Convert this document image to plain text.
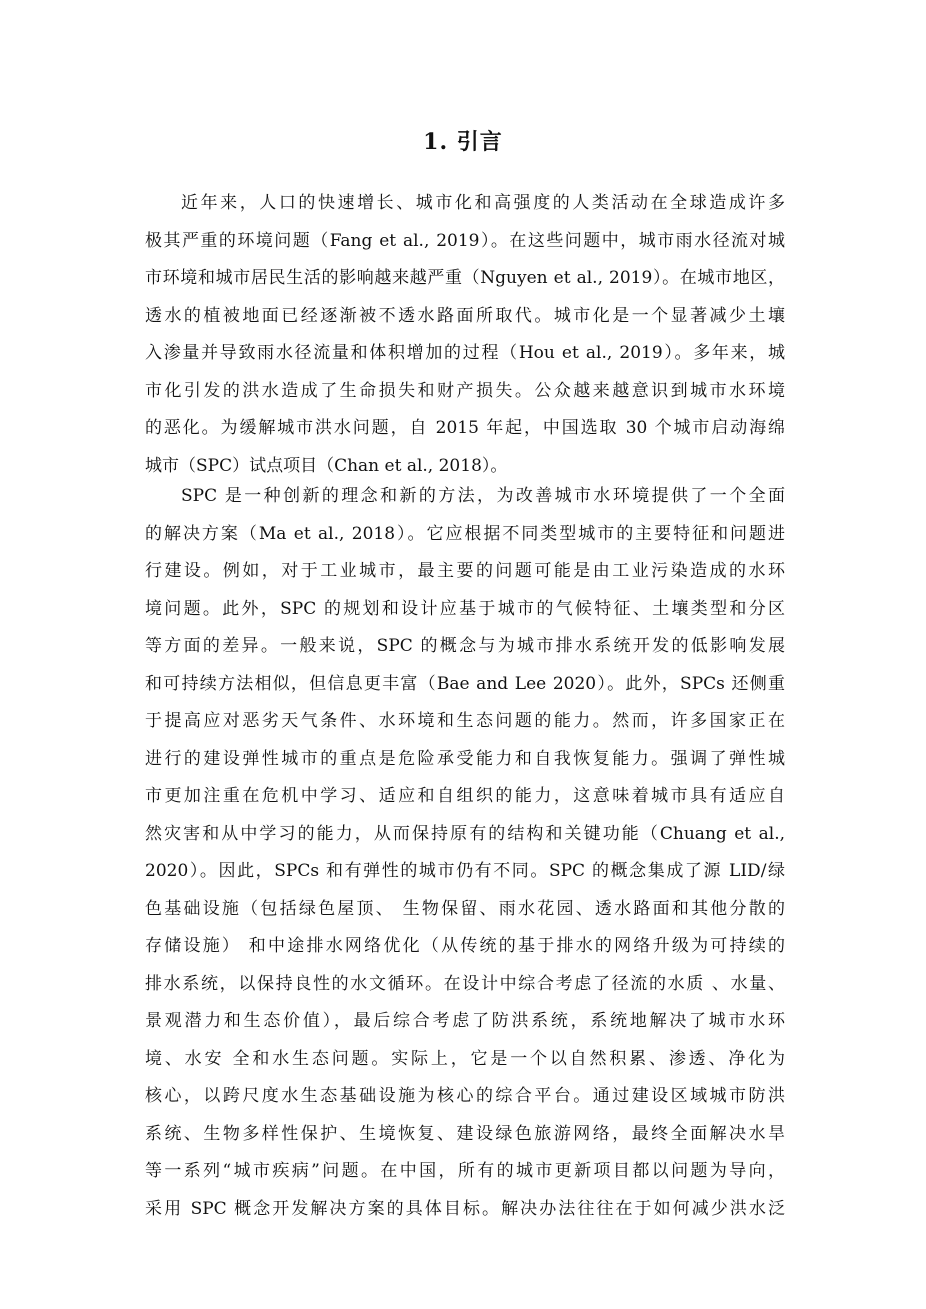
1. 引言
近年来，人口的快速增长、城市化和高强度的人类活动在全球造成许多
极其严重的环境问题（Fang et al., 2019）。在这些问题中，城市雨水径流对城
市环境和城市居民生活的影响越来越严重（Nguyen et al., 2019）。在城市地区，
透水的植被地面已经逐渐被不透水路面所取代。城市化是一个显著减少土壤
入渗量并导致雨水径流量和体积增加的过程（Hou et al., 2019）。多年来，城
市化引发的洪水造成了生命损失和财产损失。公众越来越意识到城市水环境
的恶化。为缓解城市洪水问题，自 2015 年起，中国选取 30 个城市启动海绵
城市（SPC）试点项目（Chan et al., 2018）。
SPC 是一种创新的理念和新的方法，为改善城市水环境提供了一个全面
的解决方案（Ma et al., 2018）。它应根据不同类型城市的主要特征和问题进
行建设。例如，对于工业城市，最主要的问题可能是由工业污染造成的水环
境问题。此外，SPC 的规划和设计应基于城市的气候特征、土壤类型和分区
等方面的差异。一般来说，SPC 的概念与为城市排水系统开发的低影响发展
和可持续方法相似，但信息更丰富（Bae and Lee 2020）。此外，SPCs 还侧重
于提高应对恶劣天气条件、水环境和生态问题的能力。然而，许多国家正在
进行的建设弹性城市的重点是危险承受能力和自我恢复能力。强调了弹性城
市更加注重在危机中学习、适应和自组织的能力，这意味着城市具有适应自
然灾害和从中学习的能力，从而保持原有的结构和关键功能（Chuang et al.,
2020）。因此，SPCs 和有弹性的城市仍有不同。SPC 的概念集成了源 LID/绿
色基础设施（包括绿色屋顶、 生物保留、雨水花园、透水路面和其他分散的
存储设施） 和中途排水网络优化（从传统的基于排水的网络升级为可持续的
排水系统，以保持良性的水文循环。在设计中综合考虑了径流的水质 、水量、
景观潜力和生态价值），最后综合考虑了防洪系统，系统地解决了城市水环
境、水安 全和水生态问题。实际上，它是一个以自然积累、渗透、净化为
核心，以跨尺度水生态基础设施为核心的综合平台。通过建设区域城市防洪
系统、生物多样性保护、生境恢复、建设绿色旅游网络，最终全面解决水旱
等一系列“城市疾病”问题。在中国，所有的城市更新项目都以问题为导向，
采用 SPC 概念开发解决方案的具体目标。解决办法往往在于如何减少洪水泛
